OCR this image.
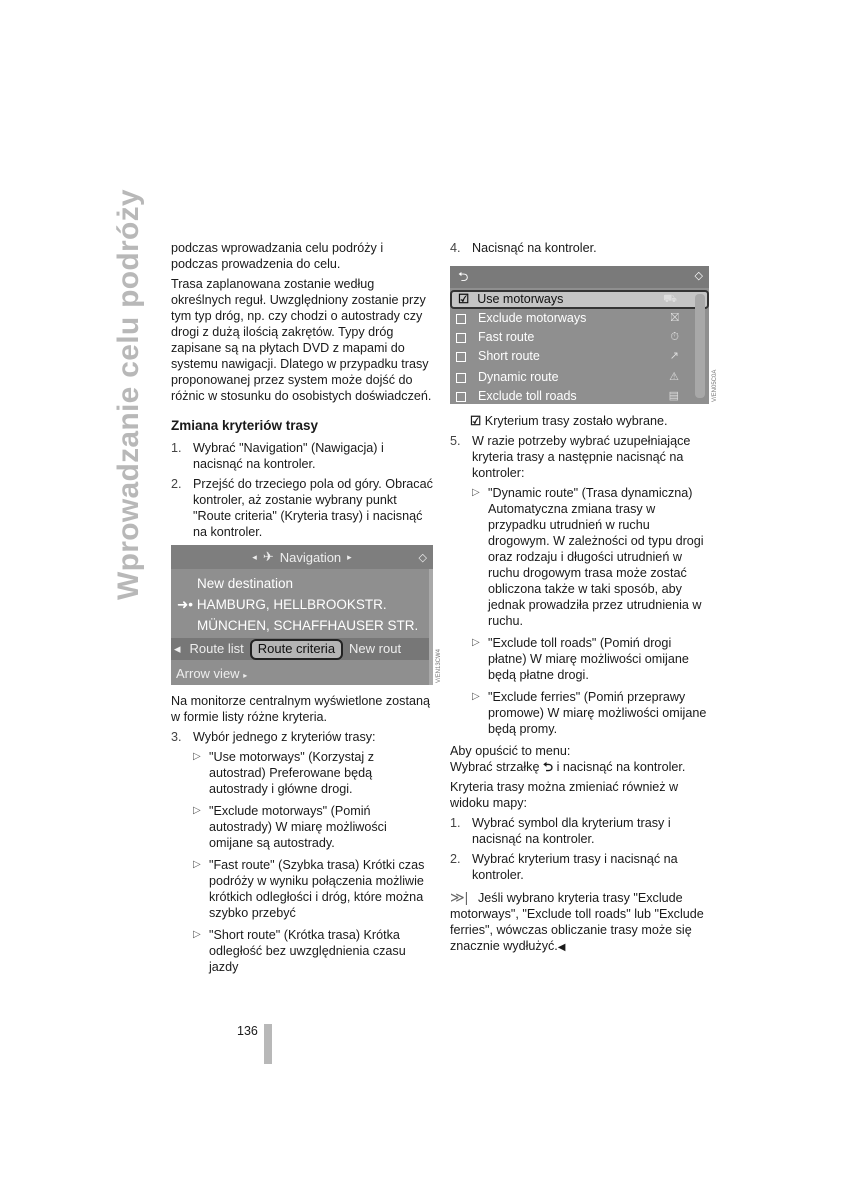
Wprowadzanie celu podróży	podczas wprowadzania celu podróży i podczas prowadzenia do celu.

Trasa zaplanowana zostanie według określnych reguł. Uwzględniony zostanie przy tym typ dróg, np. czy chodzi o autostrady czy drogi z dużą ilością zakrętów. Typy dróg zapisane są na płytach DVD z mapami do systemu nawigacji. Dlatego w przypadku trasy proponowanej przez system może dojść do różnic w stosunku do osobistych doświadczeń.

Zmiana kryteriów trasy
1. Wybrać "Navigation" (Nawigacja) i nacisnąć na kontroler.
2. Przejść do trzeciego pola od góry. Obracać kontroler, aż zostanie wybrany punkt "Route criteria" (Kryteria trasy) i nacisnąć na kontroler.
◂ ✈ Navigation ▸	◇
New destination
➜• HAMBURG, HELLBROOKSTR.
MÜNCHEN, SCHAFFHAUSER STR.
◂ Route list	Route criteria	New rout
Arrow view ▸	V/EN13CW4

Na monitorze centralnym wyświetlone zostaną w formie listy różne kryteria.

3. Wybór jednego z kryteriów trasy:
▷ "Use motorways" (Korzystaj z autostrad) Preferowane będą autostrady i główne drogi.
▷ "Exclude motorways" (Pomiń autostrady) W miarę możliwości omijane są autostrady.
▷ "Fast route" (Szybka trasa) Krótki czas podróży w wyniku połączenia możliwie krótkich odległości i dróg, które można szybko przebyć
▷ "Short route" (Krótka trasa) Krótka odległość bez uwzględnienia czasu jazdy
4. Nacisnąć na kontroler.
⮌	◇
☑ Use motorways	⛟
Exclude motorways	⛝
Fast route	⏱
Short route	↗
Dynamic route	⚠
Exclude toll roads	▤	V/EN05C0A

☑ Kryterium trasy zostało wybrane.

5. W razie potrzeby wybrać uzupełniające kryteria trasy a następnie nacisnąć na kontroler:
▷ "Dynamic route" (Trasa dynamiczna) Automatyczna zmiana trasy w przypadku utrudnień w ruchu drogowym. W zależności od typu drogi oraz rodzaju i długości utrudnień w ruchu drogowym trasa może zostać obliczona także w taki sposób, aby jednak prowadziła przez utrudnienia w ruchu.
▷ "Exclude toll roads" (Pomiń drogi płatne) W miarę możliwości omijane będą płatne drogi.
▷ "Exclude ferries" (Pomiń przeprawy promowe) W miarę możliwości omijane będą promy.

Aby opuścić to menu:

Wybrać strzałkę ⮌ i nacisnąć na kontroler.

Kryteria trasy można zmieniać również w widoku mapy:

1. Wybrać symbol dla kryterium trasy i nacisnąć na kontroler.
2. Wybrać kryterium trasy i nacisnąć na kontroler.

≫| Jeśli wybrano kryteria trasy "Exclude motorways", "Exclude toll roads" lub "Exclude ferries", wówczas obliczanie trasy może się znacznie wydłużyć.◀

136
